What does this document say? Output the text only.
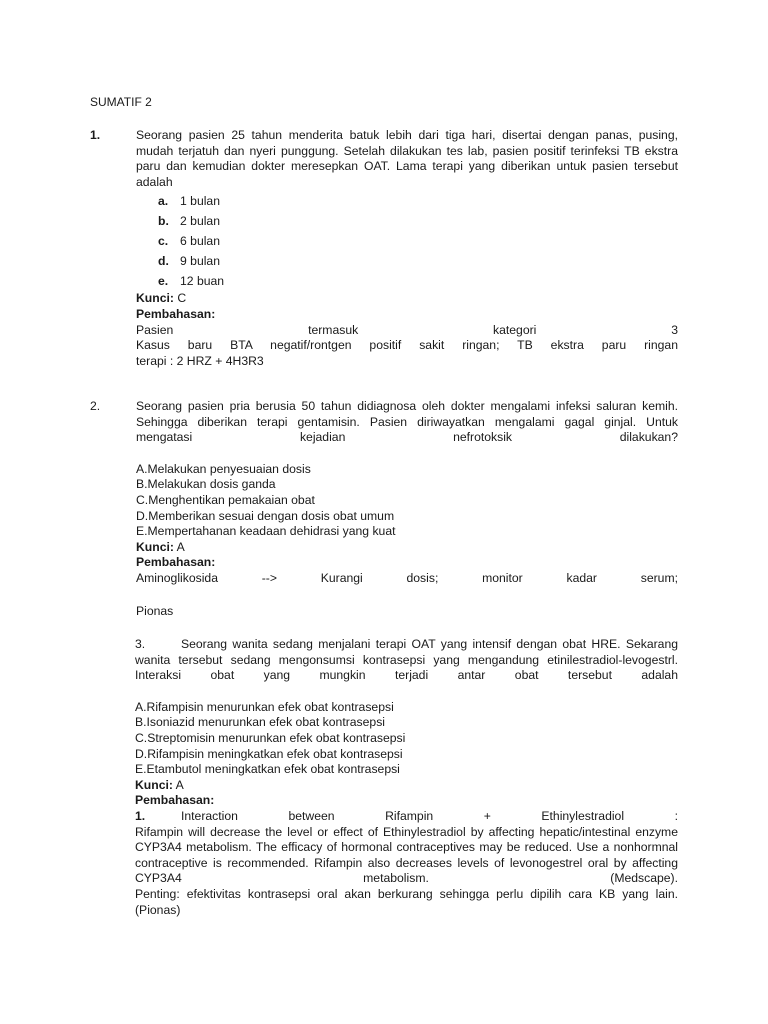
SUMATIF 2
1.	Seorang pasien 25 tahun menderita batuk lebih dari tiga hari, disertai dengan panas, pusing,
mudah terjatuh dan nyeri punggung. Setelah dilakukan tes lab, pasien positif terinfeksi TB ekstra
paru dan kemudian dokter meresepkan OAT. Lama terapi yang diberikan untuk pasien tersebut
adalah
a. 1 bulan
b. 2 bulan
c. 6 bulan
d. 9 bulan
e. 12 buan
Kunci: C
Pembahasan:
Pasien	termasuk	kategori	3
Kasus baru BTA negatif/rontgen positif sakit ringan; TB ekstra paru ringan
terapi : 2 HRZ + 4H3R3
2.	Seorang pasien pria berusia 50 tahun didiagnosa oleh dokter mengalami infeksi saluran kemih.
Sehingga diberikan terapi gentamisin. Pasien diriwayatkan mengalami gagal ginjal. Untuk
mengatasi kejadian nefrotoksik dilakukan?
A.Melakukan penyesuaian dosis
B.Melakukan dosis ganda
C.Menghentikan pemakaian obat
D.Memberikan sesuai dengan dosis obat umum
E.Mempertahanan keadaan dehidrasi yang kuat
Kunci: A
Pembahasan:
Aminoglikosida --> Kurangi dosis; monitor kadar serum;
Pionas
3.	Seorang wanita sedang menjalani terapi OAT yang intensif dengan obat HRE. Sekarang
wanita tersebut sedang mengonsumsi kontrasepsi yang mengandung etinilestradiol-levogestrl.
Interaksi obat yang mungkin terjadi antar obat tersebut adalah
A.Rifampisin menurunkan efek obat kontrasepsi
B.Isoniazid menurunkan efek obat kontrasepsi
C.Streptomisin menurunkan efek obat kontrasepsi
D.Rifampisin meningkatkan efek obat kontrasepsi
E.Etambutol meningkatkan efek obat kontrasepsi
Kunci: A
Pembahasan:
1.	Interaction between Rifampin + Ethinylestradiol :
Rifampin will decrease the level or effect of Ethinylestradiol by affecting hepatic/intestinal enzyme
CYP3A4 metabolism. The efficacy of hormonal contraceptives may be reduced. Use a nonhormnal
contraceptive is recommended. Rifampin also decreases levels of levonogestrel oral by affecting
CYP3A4 metabolism. (Medscape).
Penting: efektivitas kontrasepsi oral akan berkurang sehingga perlu dipilih cara KB yang lain.
(Pionas)
